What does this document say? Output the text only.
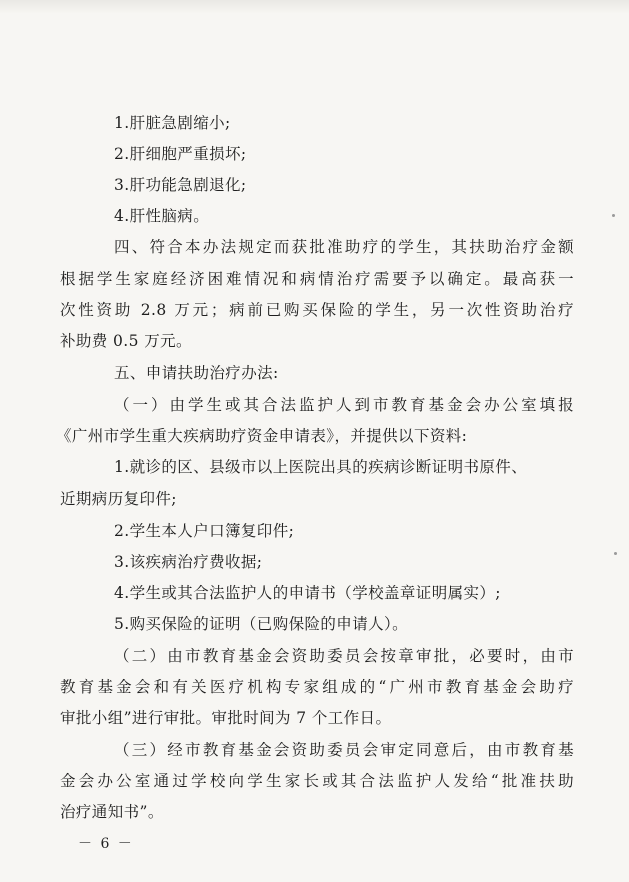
1.肝脏急剧缩小;
2.肝细胞严重损坏;
3.肝功能急剧退化;
4.肝性脑病。
四、符合本办法规定而获批准助疗的学生，其扶助治疗金额
根据学生家庭经济困难情况和病情治疗需要予以确定。最高获一
次性资助 2.8 万元；病前已购买保险的学生，另一次性资助治疗
补助费 0.5 万元。
五、申请扶助治疗办法:
（一）由学生或其合法监护人到市教育基金会办公室填报
《广州市学生重大疾病助疗资金申请表》，并提供以下资料:
1.就诊的区、县级市以上医院出具的疾病诊断证明书原件、
近期病历复印件;
2.学生本人户口簿复印件;
3.该疾病治疗费收据;
4.学生或其合法监护人的申请书（学校盖章证明属实）;
5.购买保险的证明（已购保险的申请人）。
（二）由市教育基金会资助委员会按章审批，必要时，由市
教育基金会和有关医疗机构专家组成的“广州市教育基金会助疗
审批小组”进行审批。审批时间为 7 个工作日。
（三）经市教育基金会资助委员会审定同意后，由市教育基
金会办公室通过学校向学生家长或其合法监护人发给“批准扶助
治疗通知书”。
－ 6 －
